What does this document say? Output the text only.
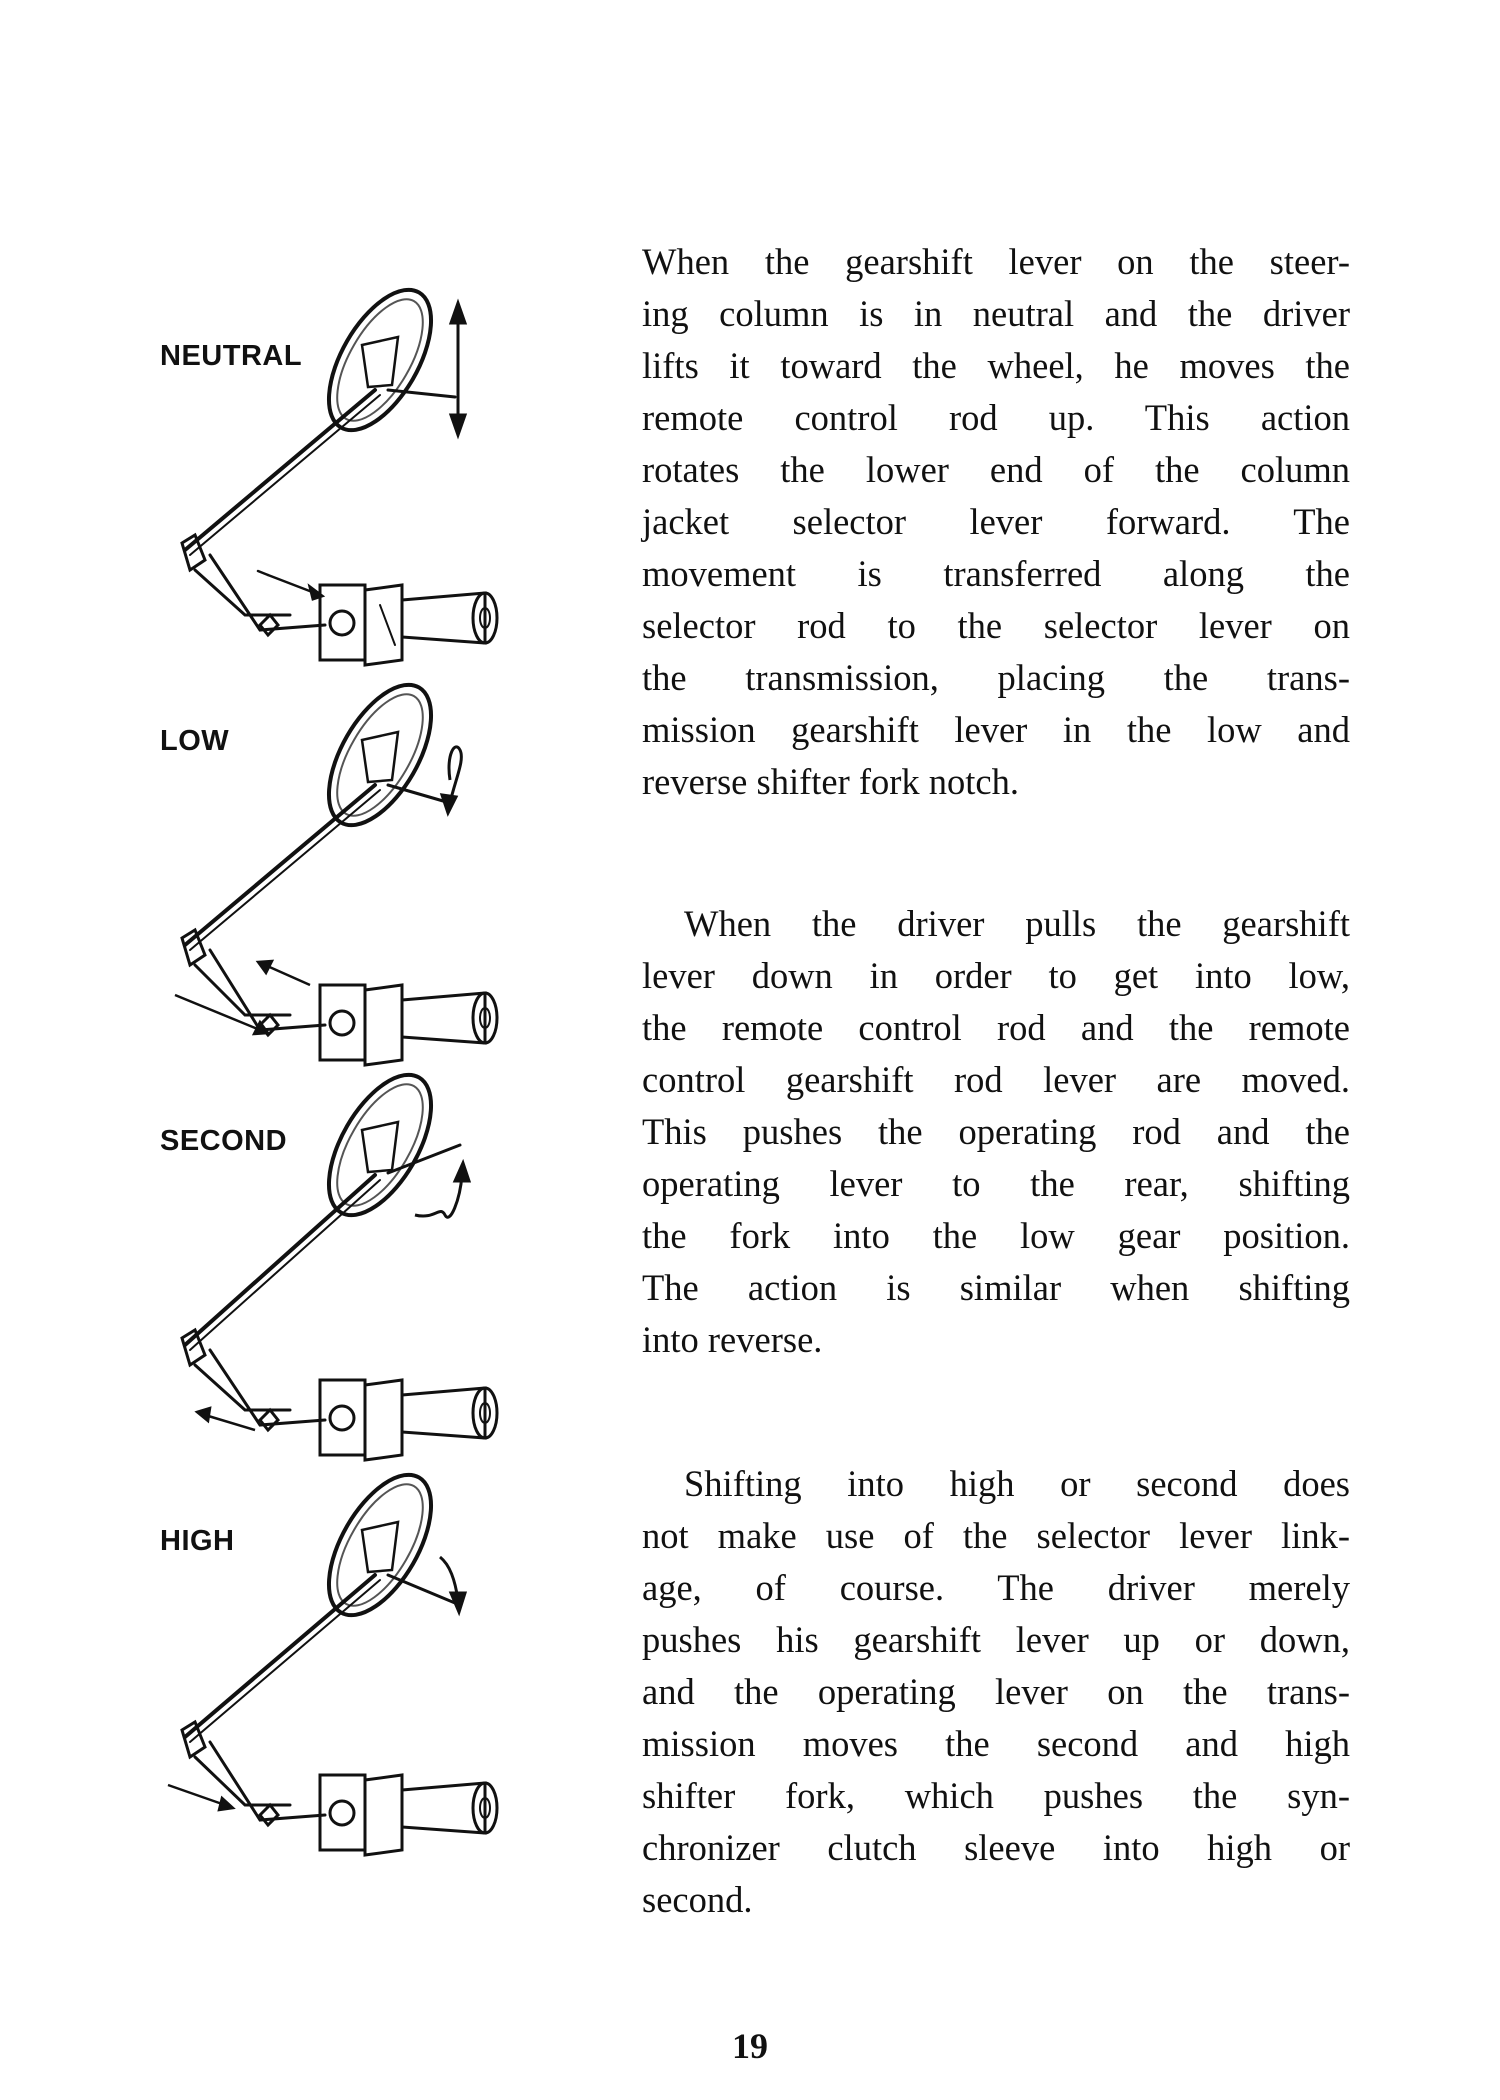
NEUTRAL
LOW
SECOND
HIGH
When the gearshift lever on the steer-
ing column is in neutral and the driver
lifts it toward the wheel, he moves the
remote control rod up. This action
rotates the lower end of the column
jacket selector lever forward. The
movement is transferred along the
selector rod to the selector lever on
the transmission, placing the trans-
mission gearshift lever in the low and
reverse shifter fork notch.
When the driver pulls the gearshift
lever down in order to get into low,
the remote control rod and the remote
control gearshift rod lever are moved.
This pushes the operating rod and the
operating lever to the rear, shifting
the fork into the low gear position.
The action is similar when shifting
into reverse.
Shifting into high or second does
not make use of the selector lever link-
age, of course. The driver merely
pushes his gearshift lever up or down,
and the operating lever on the trans-
mission moves the second and high
shifter fork, which pushes the syn-
chronizer clutch sleeve into high or
second.
19
